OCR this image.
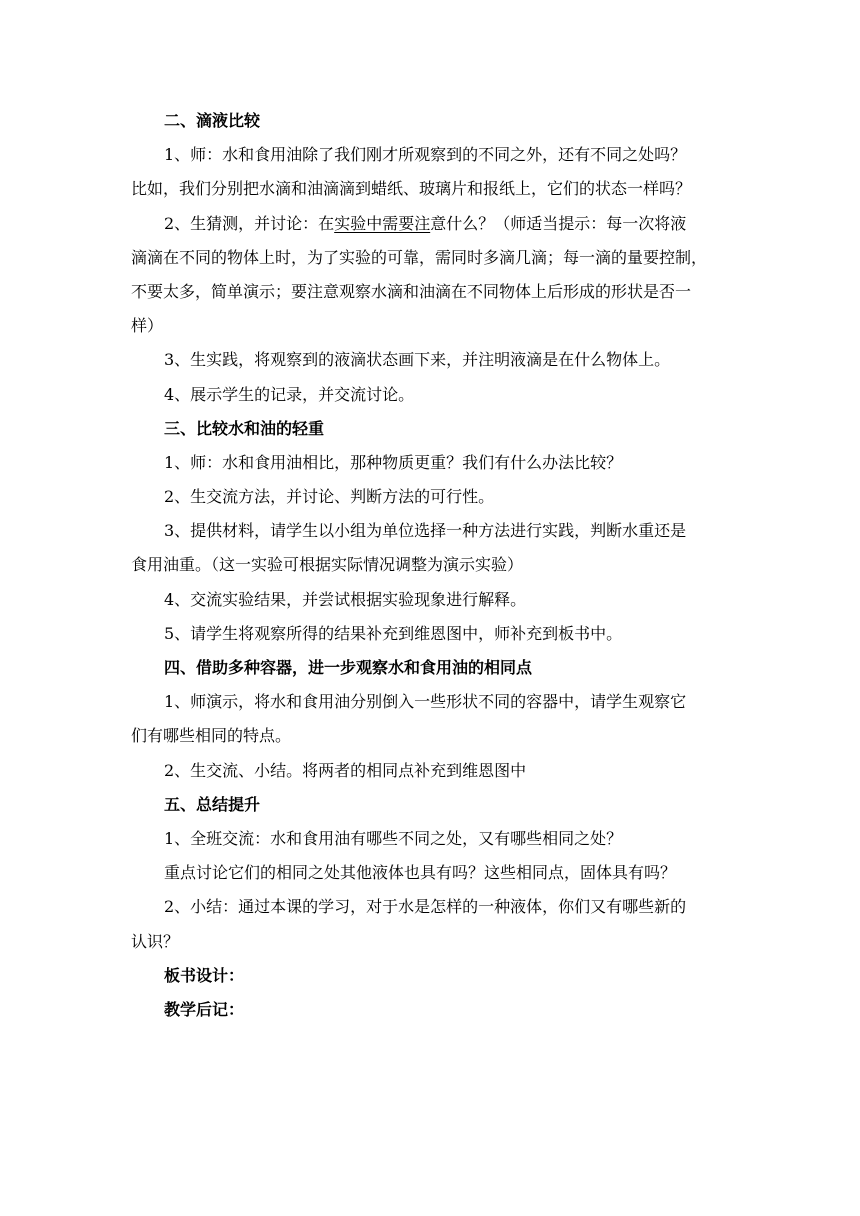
二、滴液比较
1、师：水和食用油除了我们刚才所观察到的不同之外，还有不同之处吗？
比如，我们分别把水滴和油滴滴到蜡纸、玻璃片和报纸上，它们的状态一样吗？
2、生猜测，并讨论：在实验中需要注意什么？（师适当提示：每一次将液
滴滴在不同的物体上时，为了实验的可靠，需同时多滴几滴；每一滴的量要控制，
不要太多，简单演示；要注意观察水滴和油滴在不同物体上后形成的形状是否一
样）
3、生实践，将观察到的液滴状态画下来，并注明液滴是在什么物体上。
4、展示学生的记录，并交流讨论。
三、比较水和油的轻重
1、师：水和食用油相比，那种物质更重？我们有什么办法比较？
2、生交流方法，并讨论、判断方法的可行性。
3、提供材料，请学生以小组为单位选择一种方法进行实践，判断水重还是
食用油重。（这一实验可根据实际情况调整为演示实验）
4、交流实验结果，并尝试根据实验现象进行解释。
5、请学生将观察所得的结果补充到维恩图中，师补充到板书中。
四、借助多种容器，进一步观察水和食用油的相同点
1、师演示，将水和食用油分别倒入一些形状不同的容器中，请学生观察它
们有哪些相同的特点。
2、生交流、小结。将两者的相同点补充到维恩图中
五、总结提升
1、全班交流：水和食用油有哪些不同之处，又有哪些相同之处？
重点讨论它们的相同之处其他液体也具有吗？这些相同点，固体具有吗？
2、小结：通过本课的学习，对于水是怎样的一种液体，你们又有哪些新的
认识？
板书设计：
教学后记：
